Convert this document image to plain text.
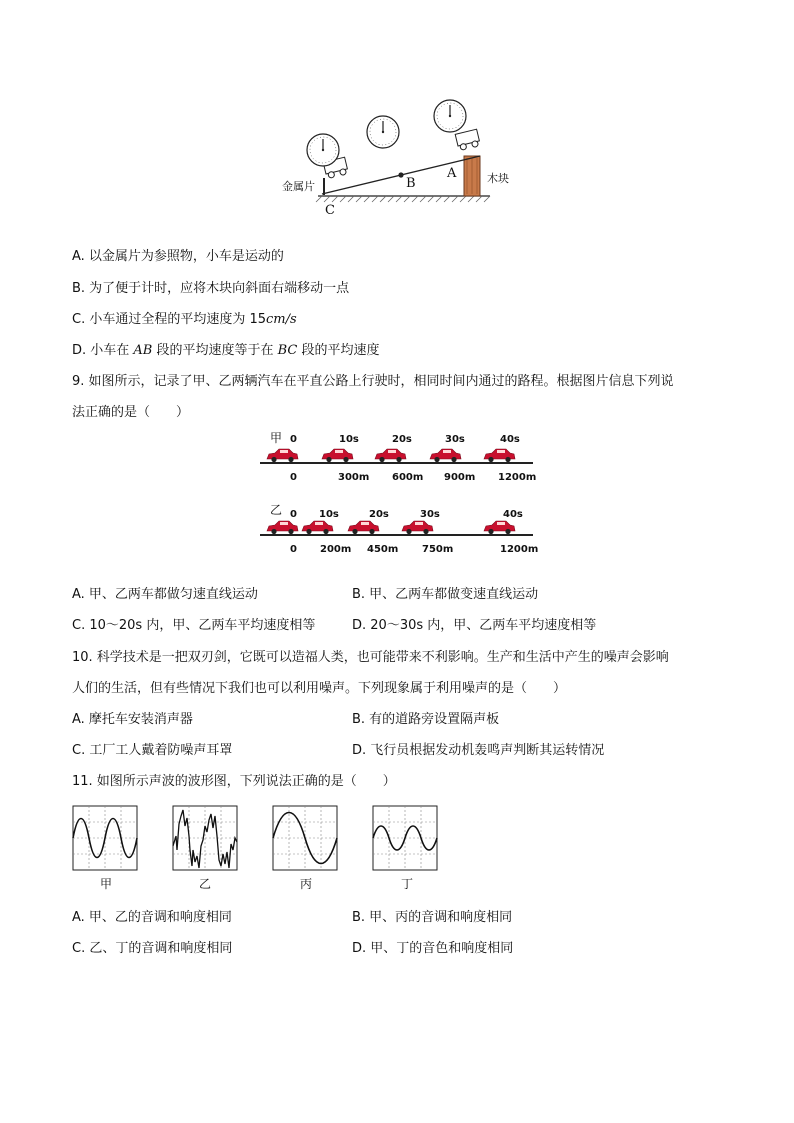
金属片
木块
A
B
C
A. 以金属片为参照物，小车是运动的
B. 为了便于计时，应将木块向斜面右端移动一点
C. 小车通过全程的平均速度为 15cm/s
D. 小车在 AB 段的平均速度等于在 BC 段的平均速度
9. 如图所示，记录了甲、乙两辆汽车在平直公路上行驶时，相同时间内通过的路程。根据图片信息下列说
法正确的是（　　）
甲 0	10s	20s	30s	40s
0	300m 600m 900m 1200m
乙 0 10s	20s	30s	40s
0 200m 450m 750m	1200m
A. 甲、乙两车都做匀速直线运动	B. 甲、乙两车都做变速直线运动
C. 10～20s 内，甲、乙两车平均速度相等	D. 20～30s 内，甲、乙两车平均速度相等
10. 科学技术是一把双刃剑，它既可以造福人类，也可能带来不利影响。生产和生活中产生的噪声会影响
人们的生活，但有些情况下我们也可以利用噪声。下列现象属于利用噪声的是（　　）
A. 摩托车安装消声器	B. 有的道路旁设置隔声板
C. 工厂工人戴着防噪声耳罩	D. 飞行员根据发动机轰鸣声判断其运转情况
11. 如图所示声波的波形图，下列说法正确的是（　　）
甲	乙	丙	丁
A. 甲、乙的音调和响度相同	B. 甲、丙的音调和响度相同
C. 乙、丁的音调和响度相同	D. 甲、丁的音色和响度相同
